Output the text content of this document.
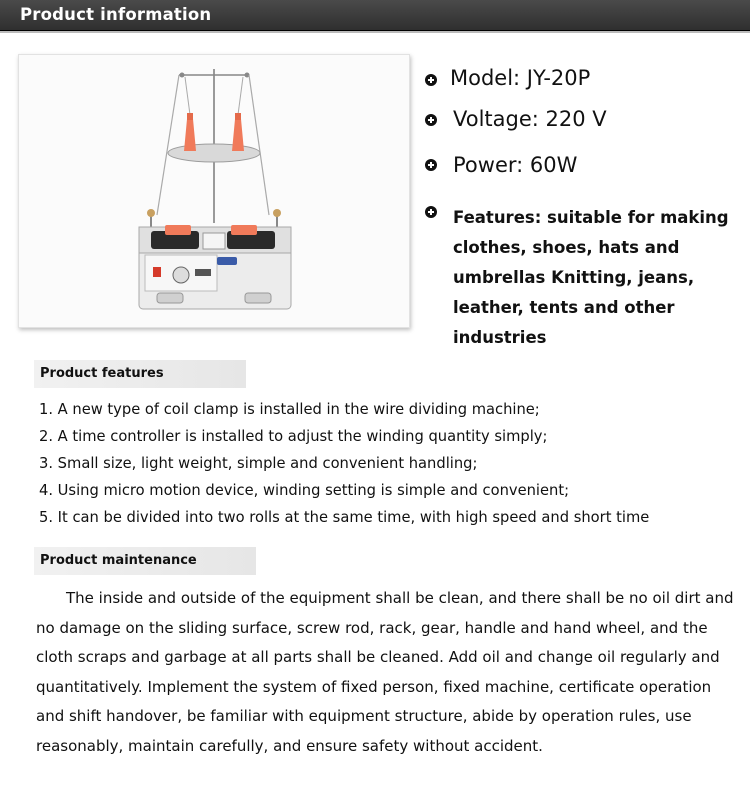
Product information
Model: JY-20P
Voltage: 220 V
Power: 60W
Features: suitable for making clothes, shoes, hats and umbrellas Knitting, jeans, leather, tents and other industries
Product features
1. A new type of coil clamp is installed in the wire dividing machine;
2. A time controller is installed to adjust the winding quantity simply;
3. Small size, light weight, simple and convenient handling;
4. Using micro motion device, winding setting is simple and convenient;
5. It can be divided into two rolls at the same time, with high speed and short time
Product maintenance
The inside and outside of the equipment shall be clean, and there shall be no oil dirt and no damage on the sliding surface, screw rod, rack, gear, handle and hand wheel, and the cloth scraps and garbage at all parts shall be cleaned. Add oil and change oil regularly and quantitatively. Implement the system of fixed person, fixed machine, certificate operation and shift handover, be familiar with equipment structure, abide by operation rules, use reasonably, maintain carefully, and ensure safety without accident.
